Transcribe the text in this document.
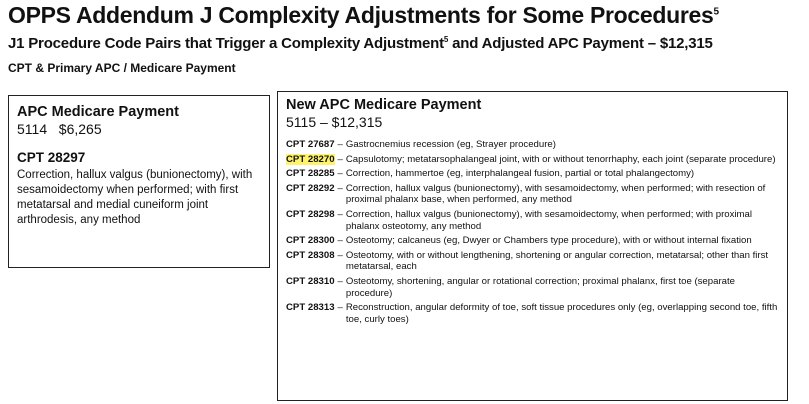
OPPS Addendum J Complexity Adjustments for Some Procedures$^5$
J1 Procedure Code Pairs that Trigger a Complexity Adjustment$^5$ and Adjusted APC Payment – $12,315
CPT & Primary APC / Medicare Payment
APC Medicare Payment
5114 $6,265
CPT 28297

Correction, hallux valgus (bunionectomy), with sesamoidectomy when performed; with first metatarsal and medial cuneiform joint arthrodesis, any method

New APC Medicare Payment
5115 – $12,315
CPT 27687 – Gastrocnemius recession (eg, Strayer procedure)
CPT 28270 – Capsulotomy; metatarsophalangeal joint, with or without tenorrhaphy, each joint (separate procedure)
CPT 28285 – Correction, hammertoe (eg, interphalangeal fusion, partial or total phalangectomy)
CPT 28292 – Correction, hallux valgus (bunionectomy), with sesamoidectomy, when performed; with resection of proximal phalanx base, when performed, any method
CPT 28298 – Correction, hallux valgus (bunionectomy), with sesamoidectomy, when performed; with proximal phalanx osteotomy, any method
CPT 28300 – Osteotomy; calcaneus (eg, Dwyer or Chambers type procedure), with or without internal fixation
CPT 28308 – Osteotomy, with or without lengthening, shortening or angular correction, metatarsal; other than first metatarsal, each
CPT 28310 – Osteotomy, shortening, angular or rotational correction; proximal phalanx, first toe (separate procedure)
CPT 28313 – Reconstruction, angular deformity of toe, soft tissue procedures only (eg, overlapping second toe, fifth toe, curly toes)
